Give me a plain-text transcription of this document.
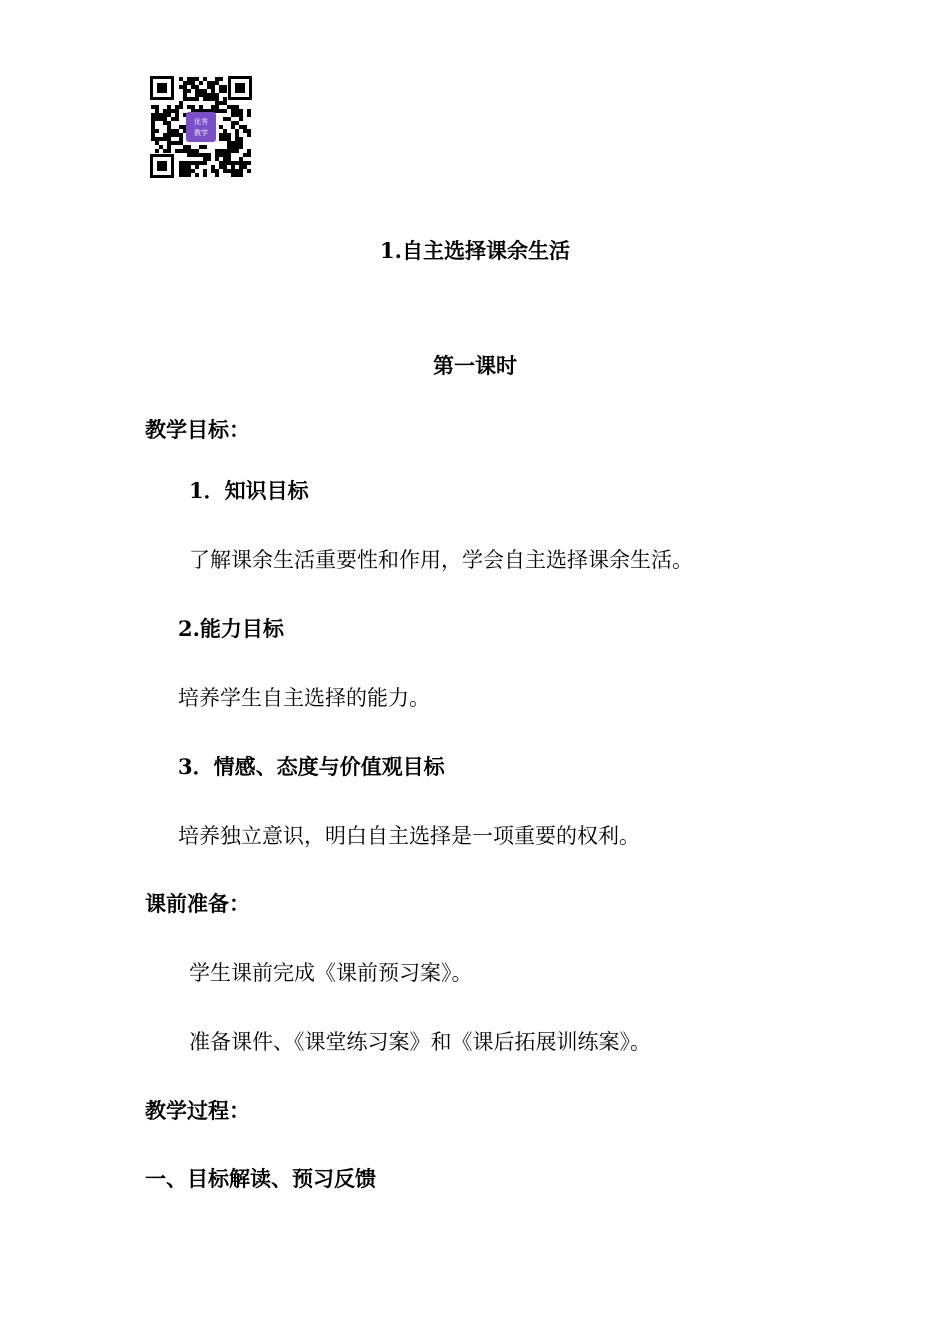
优秀
教学
1.自主选择课余生活
第一课时
教学目标：
1．知识目标
了解课余生活重要性和作用，学会自主选择课余生活。
2.能力目标
培养学生自主选择的能力。
3．情感、态度与价值观目标
培养独立意识，明白自主选择是一项重要的权利。
课前准备：
学生课前完成《课前预习案》。
准备课件、《课堂练习案》和《课后拓展训练案》。
教学过程：
一、目标解读、预习反馈
